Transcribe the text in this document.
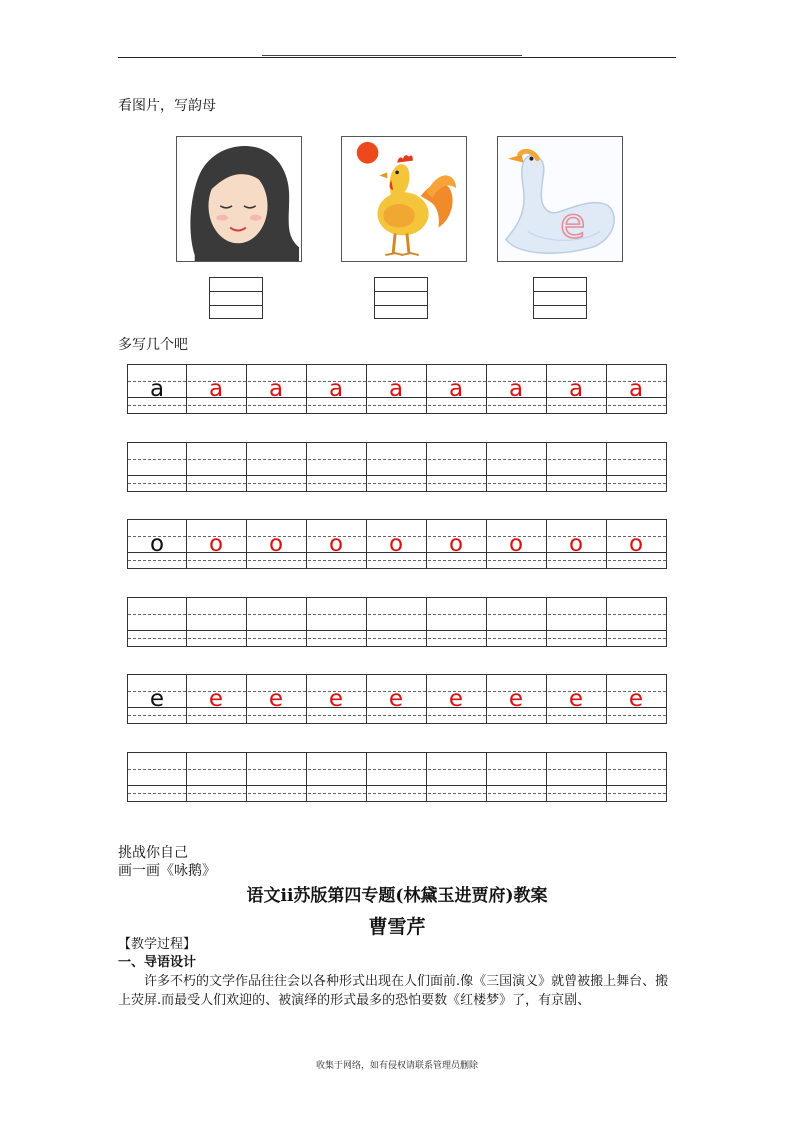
看图片，写韵母
e
多写几个吧
a	a	a	a	a	a	a	a	a
o	o	o	o	o	o	o	o	o
e	e	e	e	e	e	e	e	e
挑战你自己
画一画《咏鹅》
语文ii苏版第四专题(林黛玉进贾府)教案
曹雪芹
【教学过程】
一、导语设计
许多不朽的文学作品往往会以各种形式出现在人们面前.像《三国演义》就曾被搬上舞台、搬上荧屏.而最受人们欢迎的、被演绎的形式最多的恐怕要数《红楼梦》了，有京剧、
收集于网络，如有侵权请联系管理员删除
